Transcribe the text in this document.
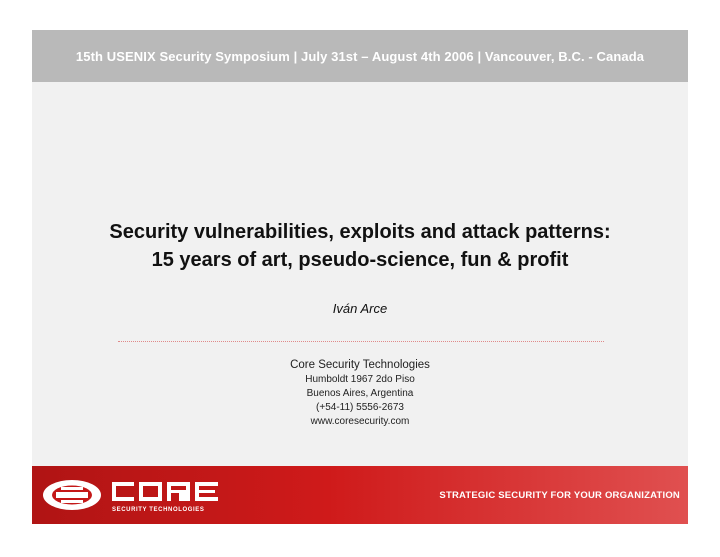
15th USENIX Security Symposium | July 31st – August 4th 2006 | Vancouver, B.C. - Canada
Security vulnerabilities, exploits and attack patterns:
15 years of art, pseudo-science, fun & profit
Iván Arce
Core Security Technologies
Humboldt 1967 2do Piso
Buenos Aires, Argentina
(+54-11) 5556-2673
www.coresecurity.com
SECURITY TECHNOLOGIES
STRATEGIC SECURITY FOR YOUR ORGANIZATION
